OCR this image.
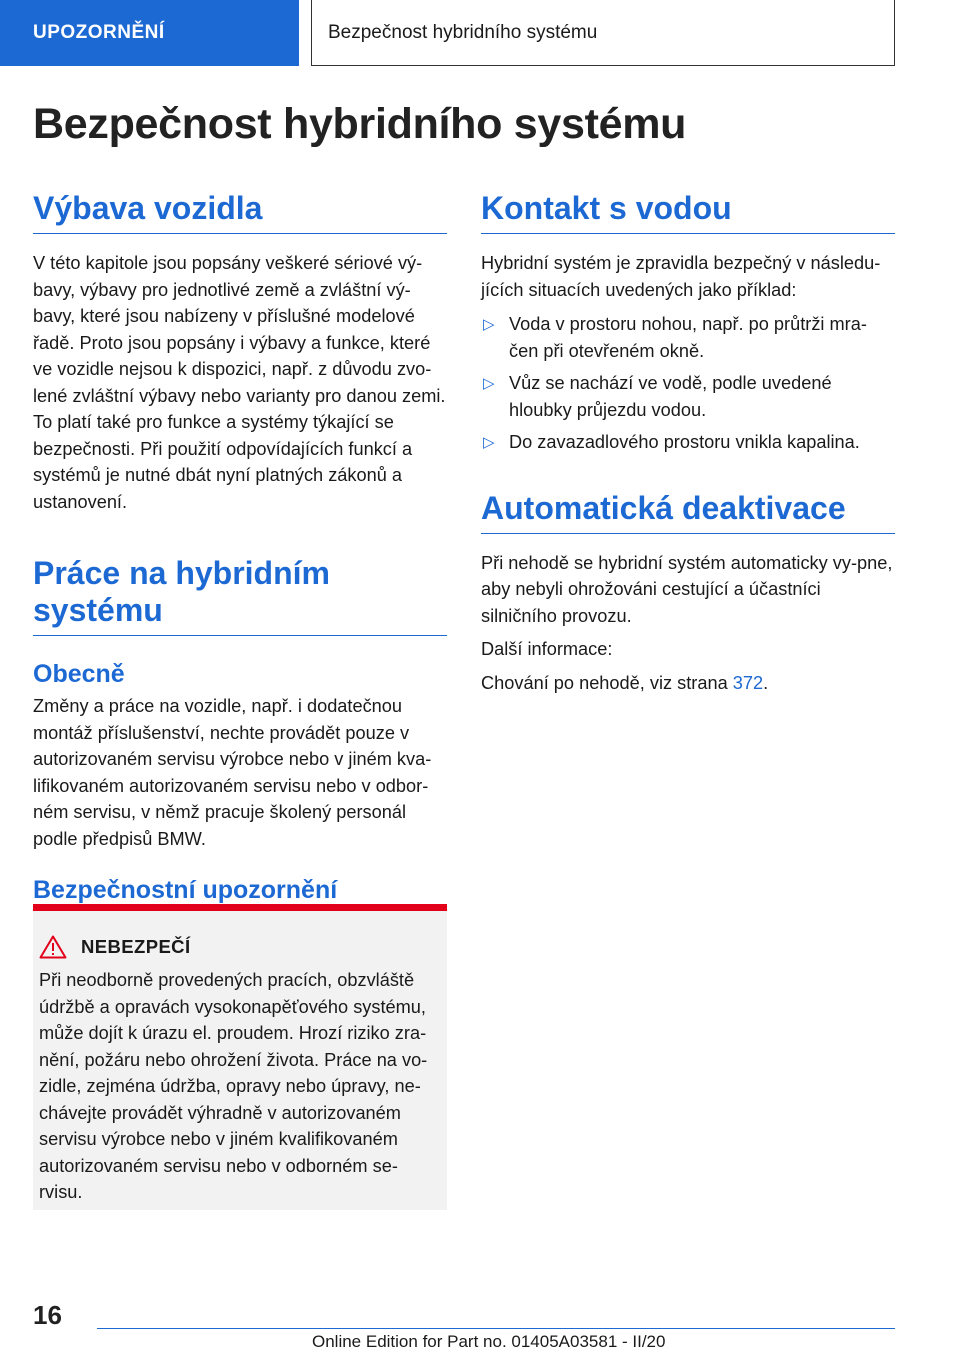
UPOZORNĚNÍ	Bezpečnost hybridního systému
Bezpečnost hybridního systému
Výbava vozidla

V této kapitole jsou popsány veškeré sériové vý-bavy, výbavy pro jednotlivé země a zvláštní vý-bavy, které jsou nabízeny v příslušné modelové řadě. Proto jsou popsány i výbavy a funkce, které ve vozidle nejsou k dispozici, např. z důvodu zvo-lené zvláštní výbavy nebo varianty pro danou zemi. To platí také pro funkce a systémy týkající se bezpečnosti. Při použití odpovídajících funkcí a systémů je nutné dbát nyní platných zákonů a ustanovení.

Práce na hybridním systému
Obecně

Změny a práce na vozidle, např. i dodatečnou montáž příslušenství, nechte provádět pouze v autorizovaném servisu výrobce nebo v jiném kva-lifikovaném autorizovaném servisu nebo v odbor-ném servisu, v němž pracuje školený personál podle předpisů BMW.

Bezpečnostní upozornění
NEBEZPEČÍ

Při neodborně provedených pracích, obzvláště údržbě a opravách vysokonapěťového systému, může dojít k úrazu el. proudem. Hrozí riziko zra-nění, požáru nebo ohrožení života. Práce na vo-zidle, zejména údržba, opravy nebo úpravy, ne-chávejte provádět výhradně v autorizovaném servisu výrobce nebo v jiném kvalifikovaném autorizovaném servisu nebo v odborném se-rvisu.

Kontakt s vodou

Hybridní systém je zpravidla bezpečný v následu-jících situacích uvedených jako příklad:

▷ Voda v prostoru nohou, např. po průtrži mra-čen při otevřeném okně.
▷ Vůz se nachází ve vodě, podle uvedené hloubky průjezdu vodou.
▷ Do zavazadlového prostoru vnikla kapalina.
Automatická deaktivace

Při nehodě se hybridní systém automaticky vy-pne, aby nebyli ohrožováni cestující a účastníci silničního provozu.

Další informace:

Chování po nehodě, viz strana 372.

16
Online Edition for Part no. 01405A03581 - II/20
